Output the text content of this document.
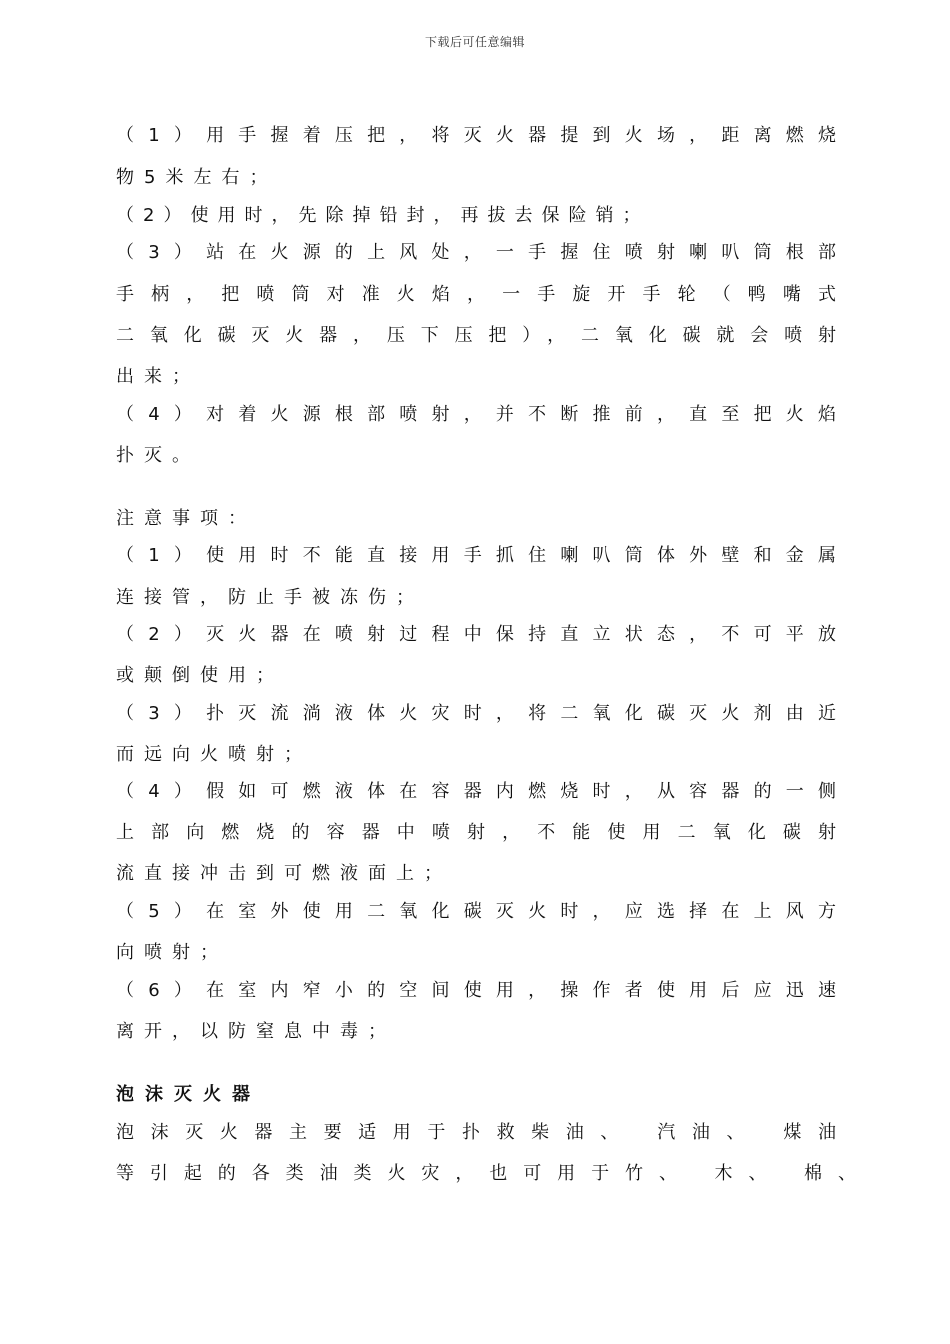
下载后可任意编辑
（1）用手握着压把，将灭火器提到火场，距离燃烧
物5米左右；
（2）使用时，先除掉铅封，再拔去保险销；
（3）站在火源的上风处，一手握住喷射喇叭筒根部
手柄，把喷筒对准火焰，一手旋开手轮（鸭嘴式
二氧化碳灭火器，压下压把），二氧化碳就会喷射
出来；
（4）对着火源根部喷射，并不断推前，直至把火焰
扑灭。
注意事项：
（1）使用时不能直接用手抓住喇叭筒体外壁和金属
连接管，防止手被冻伤；
（2）灭火器在喷射过程中保持直立状态，不可平放
或颠倒使用；
（3）扑灭流淌液体火灾时，将二氧化碳灭火剂由近
而远向火喷射；
（4）假如可燃液体在容器内燃烧时，从容器的一侧
上部向燃烧的容器中喷射，不能使用二氧化碳射
流直接冲击到可燃液面上；
（5）在室外使用二氧化碳灭火时，应选择在上风方
向喷射；
（6）在室内窄小的空间使用，操作者使用后应迅速
离开，以防窒息中毒；
泡沫灭火器
泡沫灭火器主要适用于扑救柴油、 汽油、 煤油
等引起的各类油类火灾，也可用于竹、 木、 棉、
